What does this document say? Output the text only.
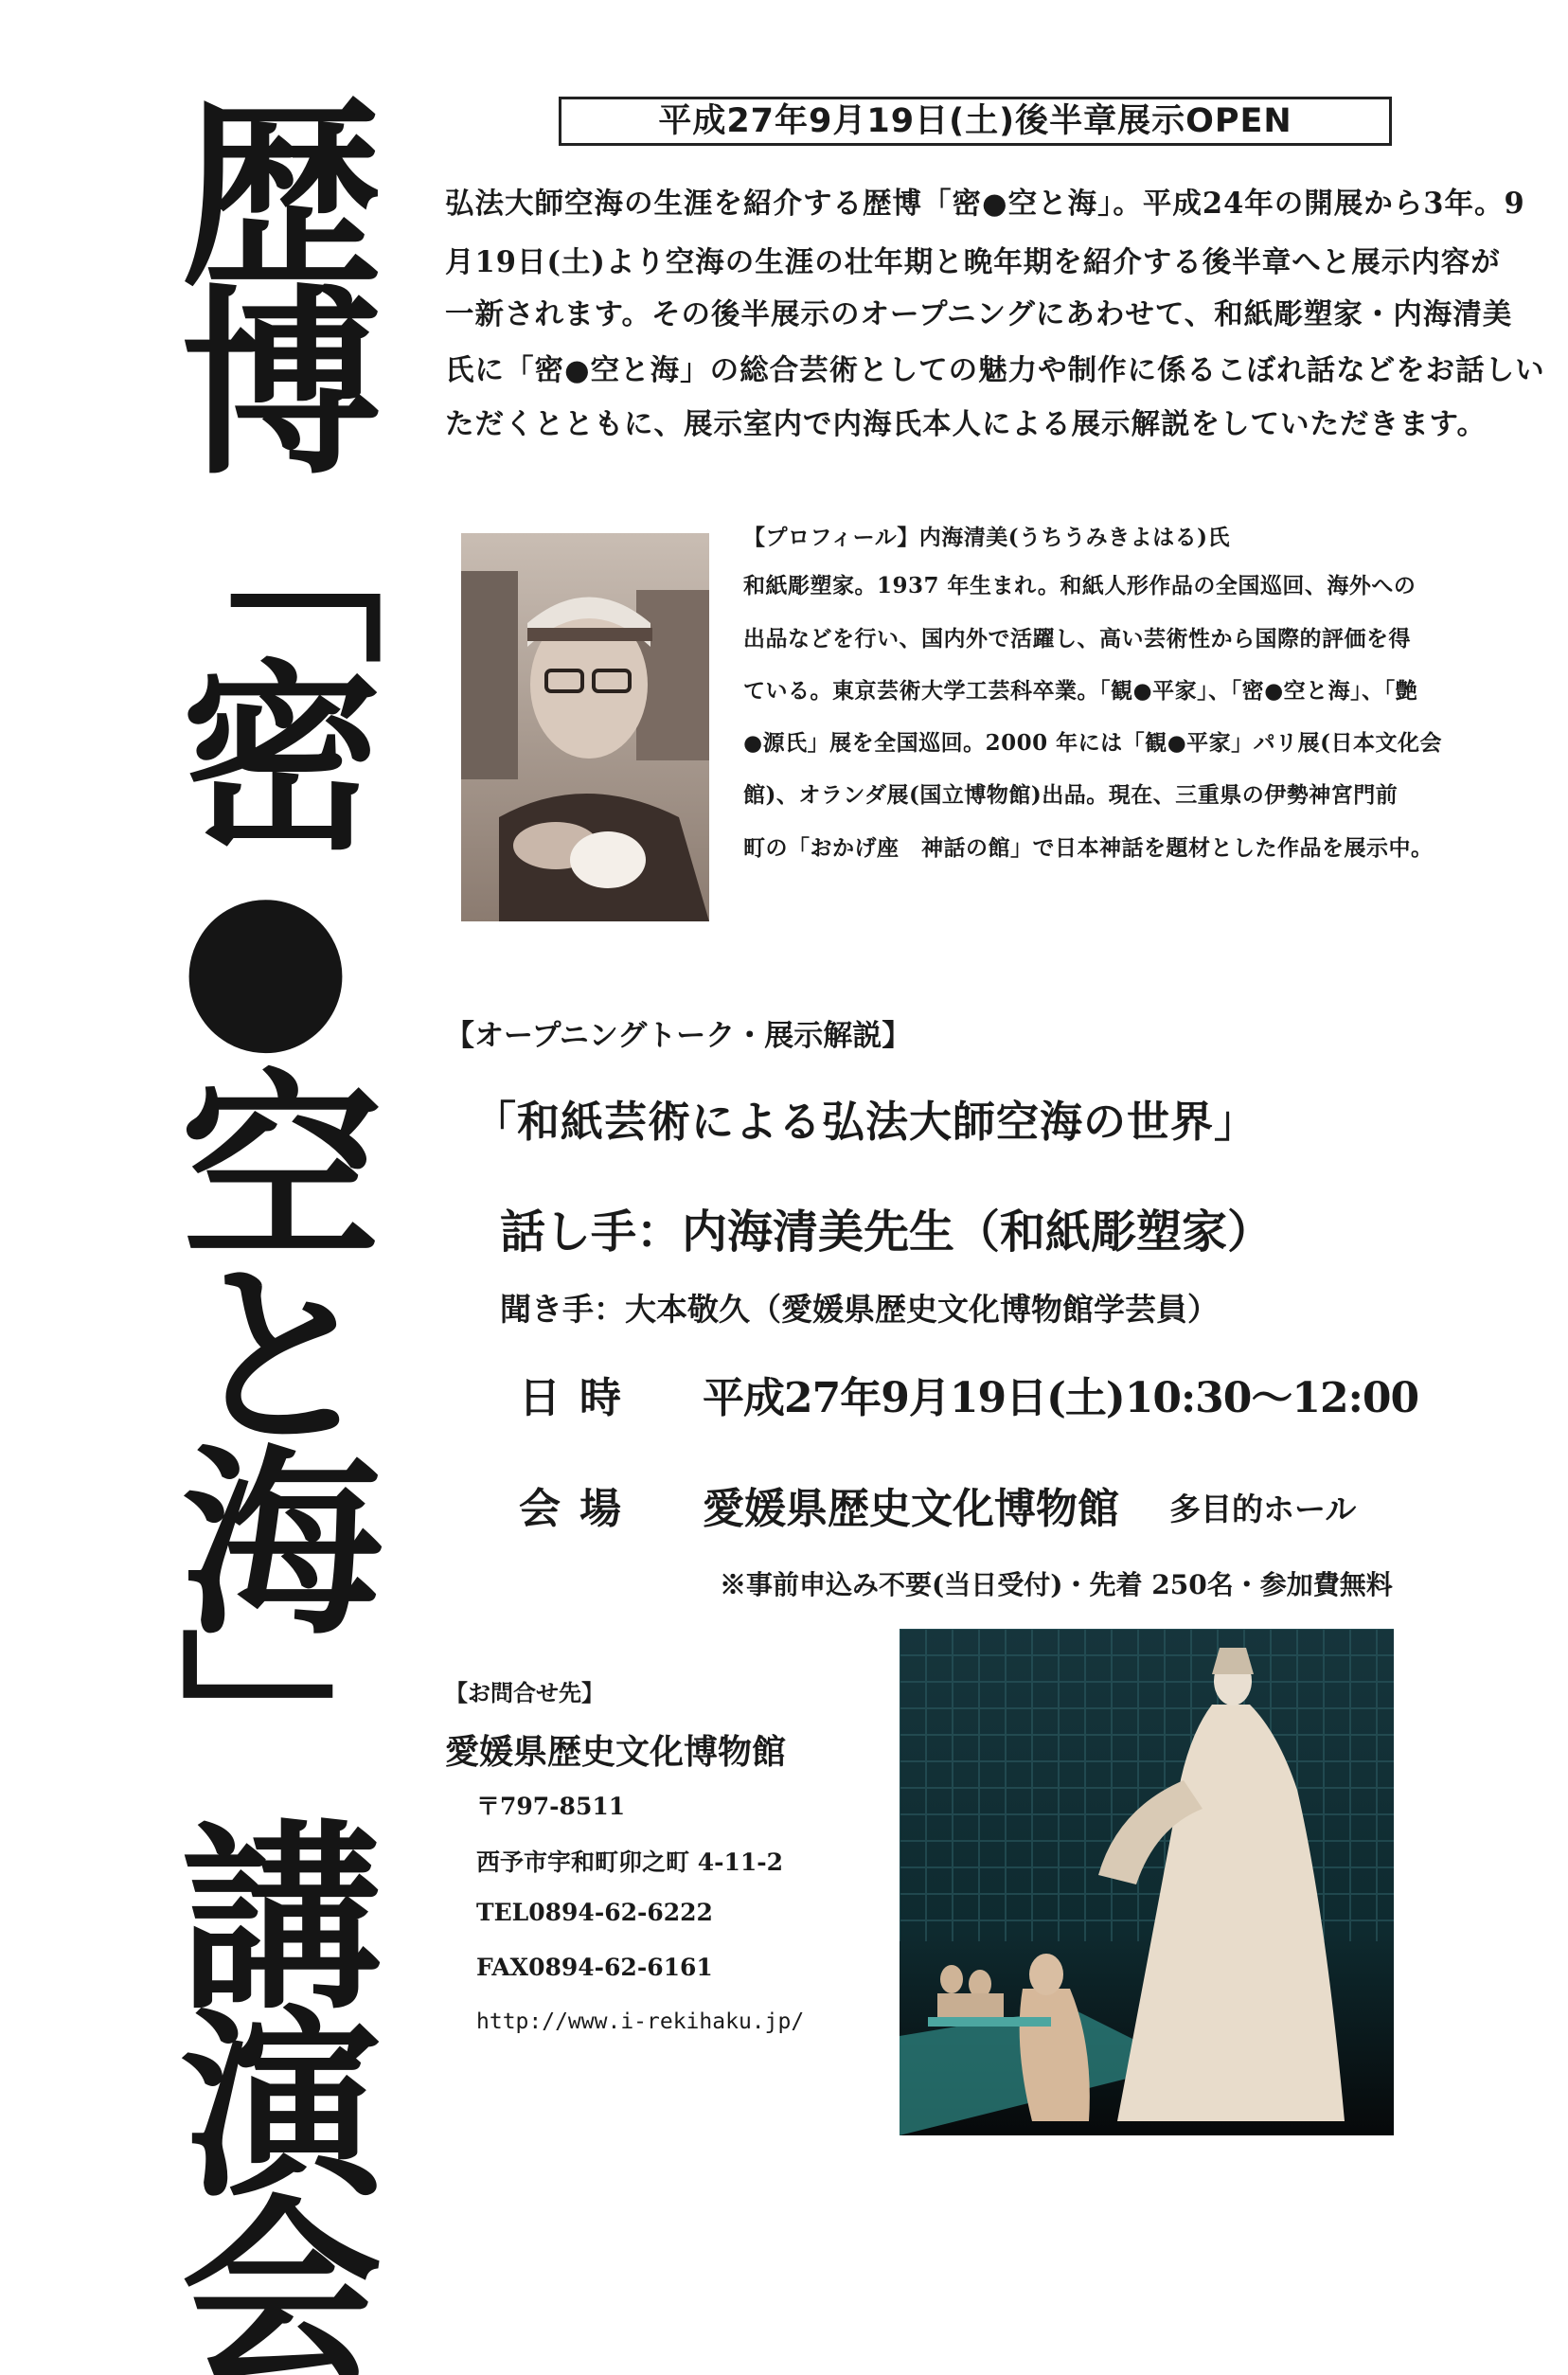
歴博「密●空と海」講演会	平成27年9月19日(土)後半章展示OPEN
弘法大師空海の生涯を紹介する歴博「密●空と海」。平成24年の開展から3年。9
月19日(土)より空海の生涯の壮年期と晩年期を紹介する後半章へと展示内容が
一新されます。その後半展示のオープニングにあわせて、和紙彫塑家・内海清美
氏に「密●空と海」の総合芸術としての魅力や制作に係るこぼれ話などをお話しい
ただくとともに、展示室内で内海氏本人による展示解説をしていただきます。
【プロフィール】内海清美(うちうみきよはる)氏
和紙彫塑家。1937 年生まれ。和紙人形作品の全国巡回、海外への
出品などを行い、国内外で活躍し、高い芸術性から国際的評価を得
ている。東京芸術大学工芸科卒業。「観●平家」、「密●空と海」、「艶
●源氏」展を全国巡回。2000 年には「観●平家」パリ展(日本文化会
館)、オランダ展(国立博物館)出品。現在、三重県の伊勢神宮門前
町の「おかげ座　神話の館」で日本神話を題材とした作品を展示中。
【オープニングトーク・展示解説】
「和紙芸術による弘法大師空海の世界」
話し手：内海清美先生（和紙彫塑家）
聞き手：大本敬久（愛媛県歴史文化博物館学芸員）
日時 平成27年9月19日(土)10:30～12:00
会場 愛媛県歴史文化博物館 多目的ホール
※事前申込み不要(当日受付)・先着 250名・参加費無料
【お問合せ先】
愛媛県歴史文化博物館
〒797-8511
西予市宇和町卯之町 4-11-2
TEL0894-62-6222
FAX0894-62-6161
http://www.i-rekihaku.jp/
